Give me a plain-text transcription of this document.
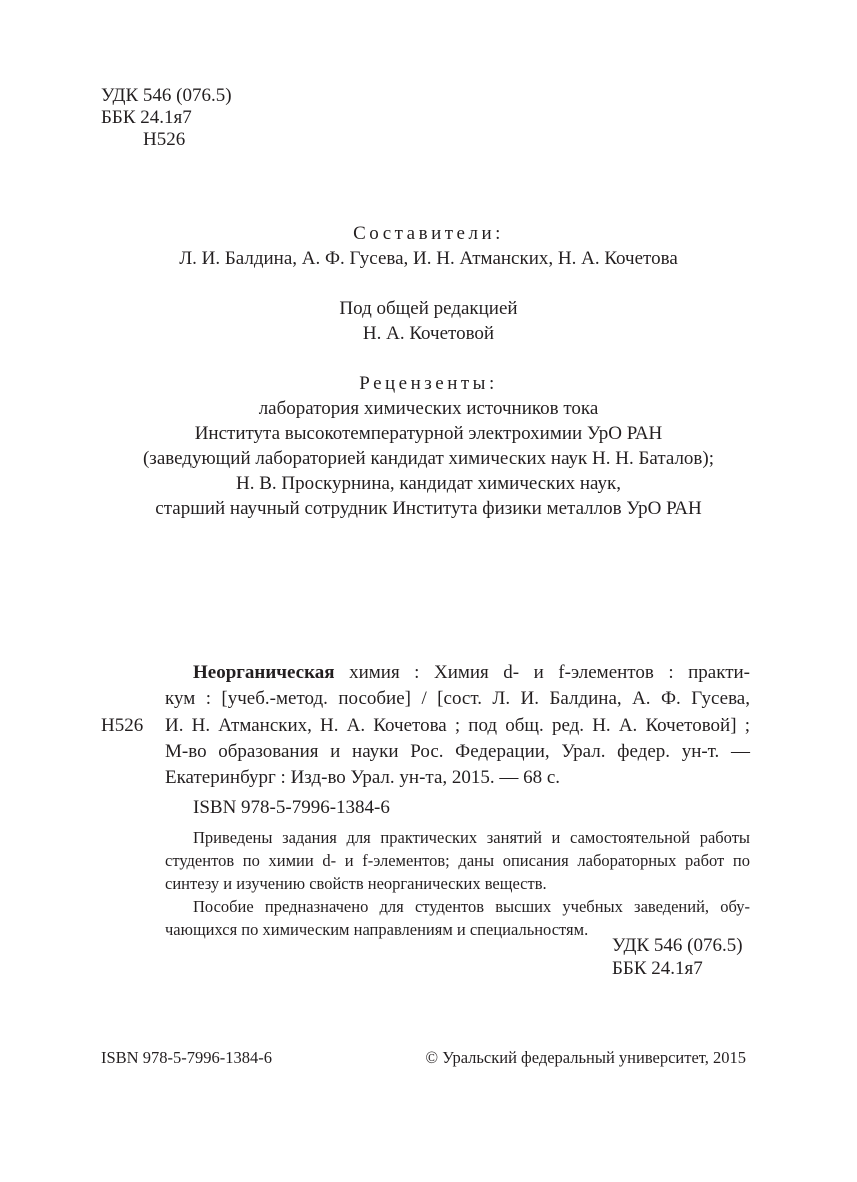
УДК 546 (076.5)
ББК 24.1я7
Н526
Составители:
Л. И. Балдина, А. Ф. Гусева, И. Н. Атманских, Н. А. Кочетова
Под общей редакцией
Н. А. Кочетовой
Рецензенты:
лаборатория химических источников тока
Института высокотемпературной электрохимии УрО РАН
(заведующий лабораторией кандидат химических наук Н. Н. Баталов);
Н. В. Проскурнина, кандидат химических наук,
старший научный сотрудник Института физики металлов УрО РАН
Неорганическая химия : Химия d- и f-элементов : практи-
кум : [учеб.-метод. пособие] / [сост. Л. И. Балдина, А. Ф. Гусева,
Н526 И. Н. Атманских, Н. А. Кочетова ; под общ. ред. Н. А. Кочетовой] ;
М-во образования и науки Рос. Федерации, Урал. федер. ун-т. —
Екатеринбург : Изд-во Урал. ун-та, 2015. — 68 с.
ISBN 978-5-7996-1384-6
Приведены задания для практических занятий и самостоятельной работы
студентов по химии d- и f-элементов; даны описания лабораторных работ по
синтезу и изучению свойств неорганических веществ.
Пособие предназначено для студентов высших учебных заведений, обу-
чающихся по химическим направлениям и специальностям.
УДК 546 (076.5)
ББК 24.1я7
ISBN 978-5-7996-1384-6	© Уральский федеральный университет, 2015
